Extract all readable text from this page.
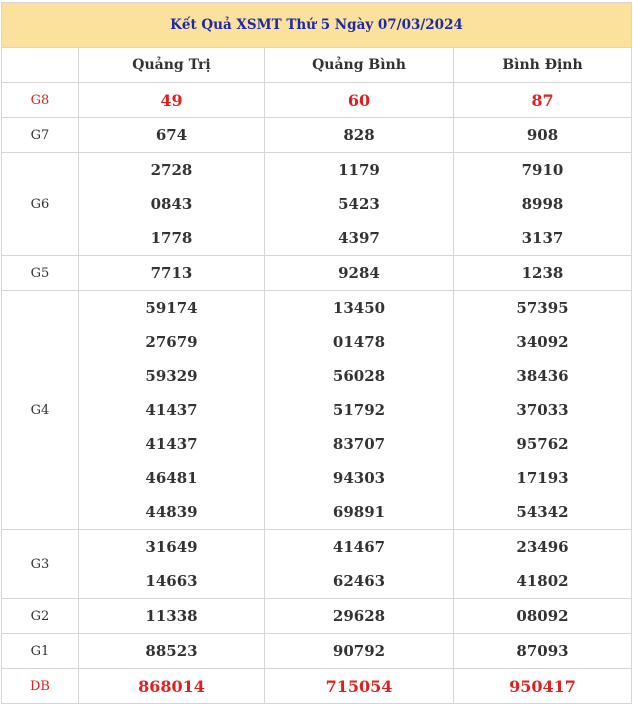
Kết Quả XSMT Thứ 5 Ngày 07/03/2024			
	Quảng Trị	Quảng Bình	Bình Định
G8	49	60	87
G7	674	828	908
G6	2728	1179	7910
	0843	5423	8998
	1778	4397	3137
G5	7713	9284	1238
G4	59174	13450	57395
	27679	01478	34092
	59329	56028	38436
	41437	51792	37033
	41437	83707	95762
	46481	94303	17193
	44839	69891	54342
G3	31649	41467	23496
	14663	62463	41802
G2	11338	29628	08092
G1	88523	90792	87093
DB	868014	715054	950417
